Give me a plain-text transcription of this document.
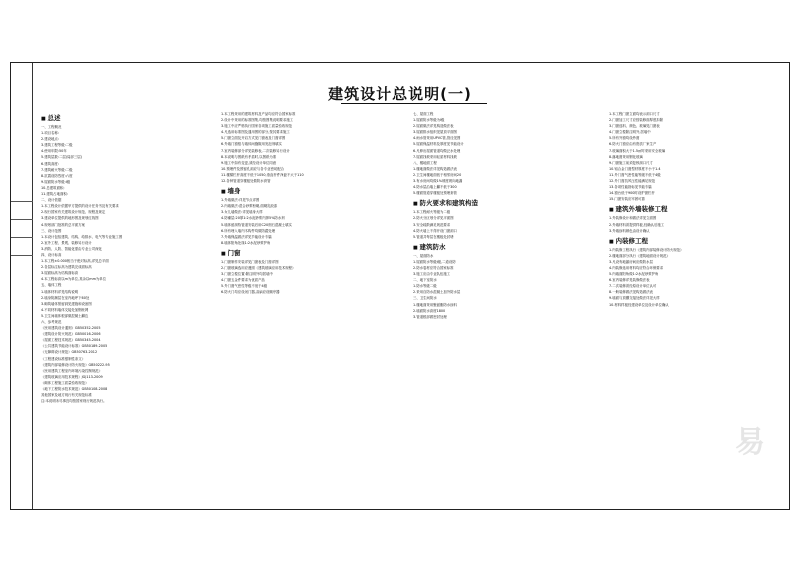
建筑设计总说明(一)
■ 总述
一、工程概况
1.项目名称:
2.建设地点:
3.建筑工程等级:二级
4.使用年限:50年
5.建筑层数:二层(局部三层)
6.建筑高度:
7.建筑耐火等级:二级
8.抗震设防烈度:六度
9.屋面防水等级:I级
10.总建筑面积:
11.建筑占地面积:
二、设计依据
1.本工程设计依据甲方提供的设计任务书及有关要求
2.现行国家有关建筑设计规范、规程及规定
3.建设单位提供的地形图及规划红线图
4.规划部门批准的总平面方案
三、设计范围
1.本设计包括建筑、结构、给排水、电气等专业施工图
2.室外工程、景观、装修另行设计
3.消防、人防、智能化需由专业公司深化
四、设计标高
1.本工程±0.000相当于绝对标高,详见总平面
2.各层标注标高为建筑完成面标高
3.屋面标高为结构面标高
4.本工程标高以m为单位,其余以mm为单位
五、墙体工程
1.墙体材料详见结构说明
2.墙身防潮层在室内地坪下60处
3.砌筑墙体预留洞见建施和设备图
4.不同材料墙体交接处加钢丝网
5.卫生间墙体根部做混凝土翻边
六、参考规范
《民用建筑设计通则》GB50352-2005
《建筑设计防火规范》GB50016-2006
《屋面工程技术规范》GB50345-2004
《公共建筑节能设计标准》GB50189-2005
《无障碍设计规范》GB50763-2012
《工程建设标准强制性条文》
《建筑内部装修设计防火规范》GB50222-95
《民用建筑工程室内环境污染控制规范》
《建筑玻璃应用技术规程》JGJ113-2009
《砌体工程施工质量验收规范》
《地下工程防水技术规范》GB50108-2008
其他国家及地方现行有关规范标准
注:本说明未尽事宜均按国家现行规范执行。
1.本工程采用的建筑材料及产品均应符合国家标准
2.设计中采用的标准图集,均按图集说明要求施工
3.施工中应严格执行国家各项施工质量验收规范
4.凡选用标准图及通用图的部分,按其要求施工
5.门窗立面及开启方式见门窗表及门窗详图
6.外墙门窗框与墙体间缝隙用发泡剂填实
7.室内装修部分详见装修表,二次装修另行设计
8.本说明与图纸有矛盾时,以图纸为准
9.施工中如有变更,须经设计单位同意
10.预埋件及预留孔洞应与各专业密切配合
11.楼梯栏杆高度不低于1050,垂直杆件净距不大于110
12.各种管道穿楼板处做防水套管
■ 墙身
1.外墙做法:详见节点详图
2.内墙做法:混合砂浆粉刷,面刷乳胶漆
3.女儿墙做法:详见墙身大样
4.防潮层:20厚1:2水泥砂浆内掺5%防水剂
5.墙体留洞待管道安装后用C20细石混凝土填实
6.所有埋入墙内木构件均做防腐处理
7.外墙保温做法详见节能设计专篇
8.墙体阳角处抹1:2水泥砂浆护角
■ 门窗
1.门窗制作安装详见门窗表及门窗详图
2.门窗玻璃选用应遵照《建筑玻璃应用技术规程》
3.门窗立樘位置:除注明外均居墙中
4.门窗五金件要求为优质产品
5.外门窗气密性等级不低于4级
6.防火门均应设闭门器,双扇应设顺序器
七、屋面工程
1.屋面防水等级为I级
2.屋面做法详见构造做法表
3.屋面排水组织见屋顶平面图
4.雨水管采用UPVC管,管径见图
5.屋面保温材料及厚度见节能设计
6.凡伸出屋面管道均做泛水处理
7.屋面找坡采用轻质材料找坡
八、楼地面工程
1.楼地面做法详见构造做法表
2.卫生间楼地面低于相邻房间20
3.有水房间均做1%坡度坡向地漏
4.防水层沿墙上翻不低于300
5.楼面管道穿楼板处预埋套管
■ 防火要求和建筑构造
1.本工程耐火等级为二级
2.防火分区划分详见平面图
3.安全疏散满足规范要求
4.防火墙上不得开设门窗洞口
5.管道井每层在楼板处封堵
■ 建筑防水
一、屋面防水
1.屋面防水等级I级,二道设防
2.防水卷材应符合国家标准
3.施工应由专业队伍施工
二、地下室防水
1.防水等级二级
2.采用自防水混凝土加外防水层
三、卫生间防水
1.楼地面采用聚氨酯防水涂料
2.墙面防水高度1800
3.管道根部做密封处理
1.本工程门窗立面均表示洞口尺寸
2.门窗加工尺寸应按装修面厚度扣除
3.门窗选料、颜色、玻璃见门窗表
4.门窗立樘除注明外,居墙中
5.所有外窗均设纱窗
6.防火门窗应由有资质厂家生产
7.玻璃面积大于1.5㎡时采用安全玻璃
8.落地窗采用钢化玻璃
9.门窗施工前须复核洞口尺寸
10.铝合金门窗型材厚度不小于1.4
11.外门窗气密性能等级不低于4级
12.外门窗抗风压性能满足规范
13.各项性能指标见节能专篇
14.窗台低于900时设护窗栏杆
15.门窗安装应牢固可靠
■ 建筑外墙装修工程
1.外装修设计和做法详见立面图
2.外墙材料须提供样板,经确认后施工
3.外墙涂料颜色由设计确认
■ 内装修工程
1.内装修工程执行《建筑内部装修设计防火规范》
2.楼地面部分执行《建筑地面设计规范》
3.凡设有地漏房间应做防水层
4.内装修选用材料均应符合环保要求
5.内墙面阳角做1:2水泥砂浆护角
6.室内装修详见装修做法表
7.二次装修须经原设计单位认可
8.一般装修做法见构造做法表
9.墙面与顶棚交接处做法详见大样
10.材料样板经建设单位及设计单位确认
易
